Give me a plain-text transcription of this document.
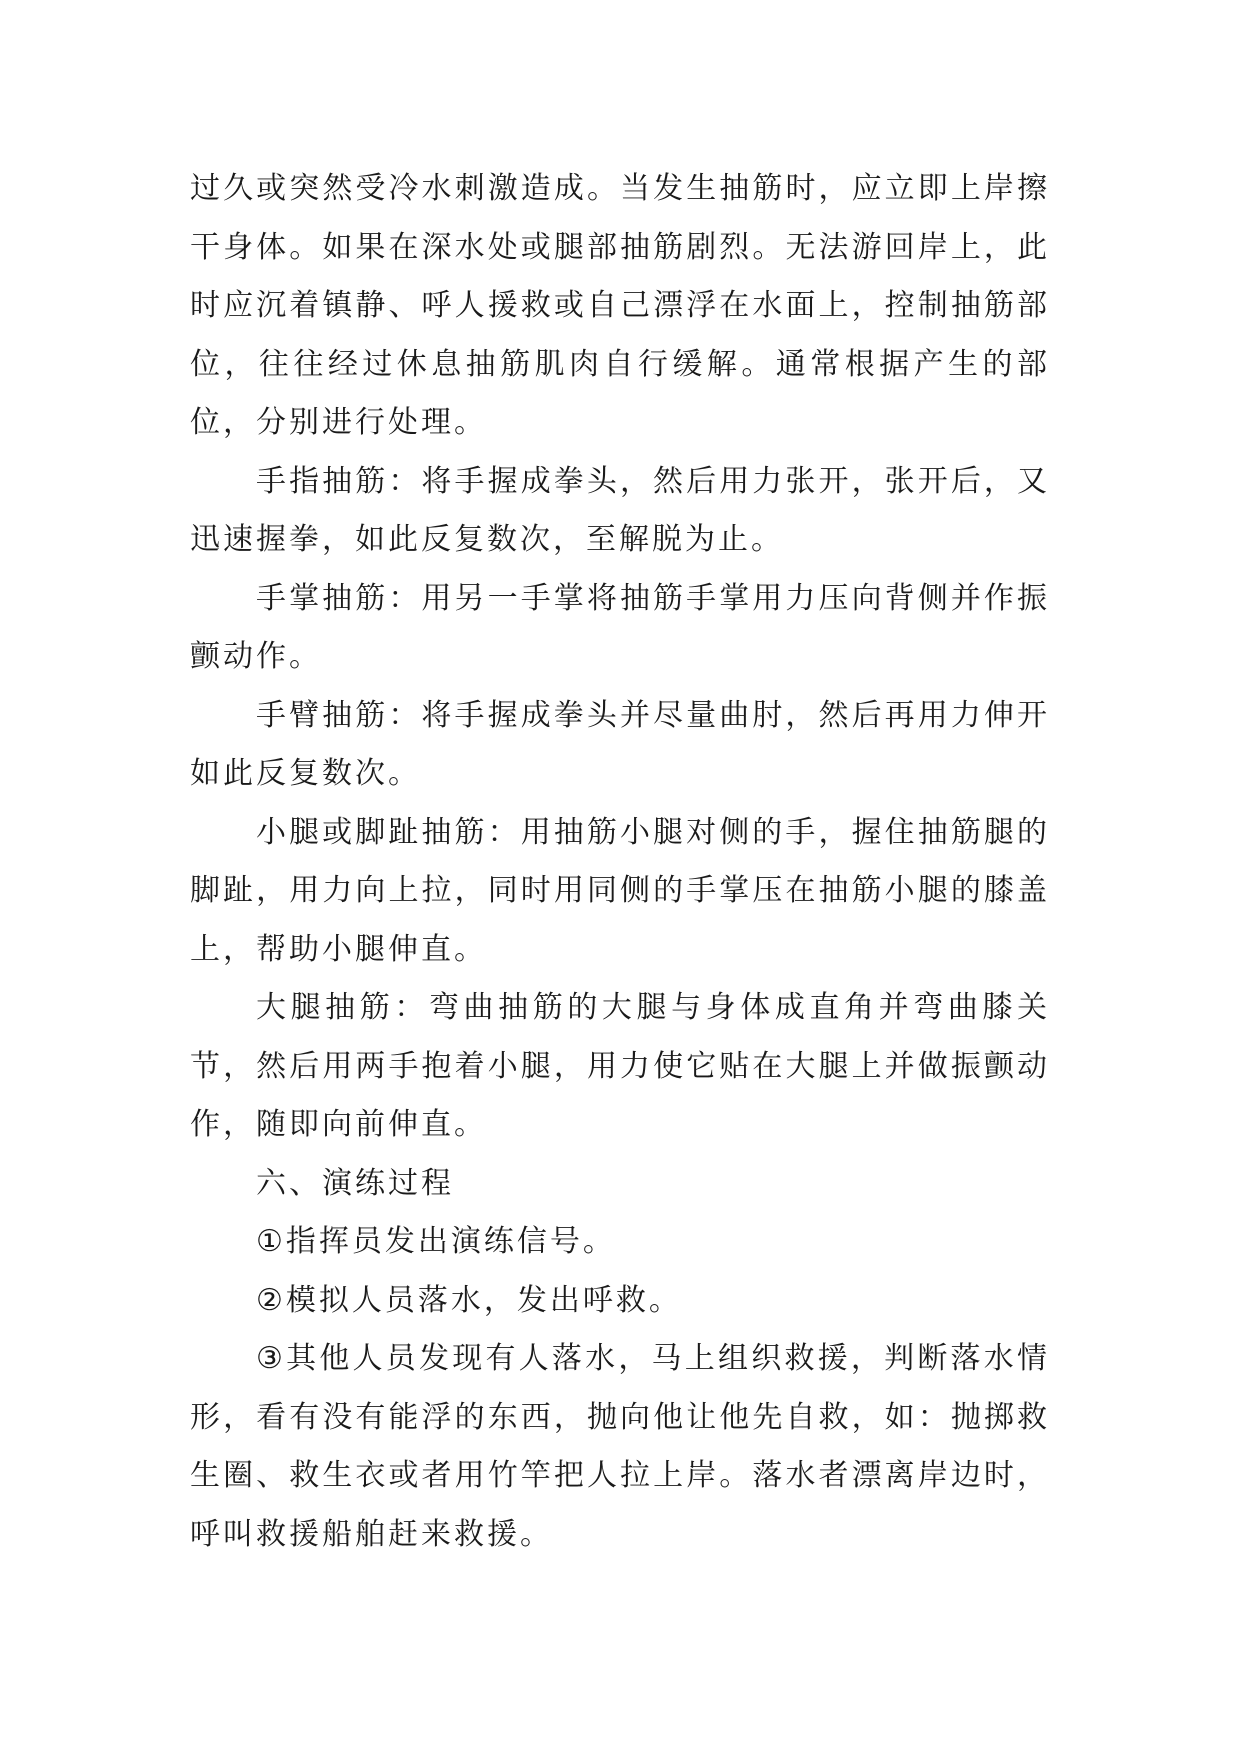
过久或突然受冷水刺激造成。当发生抽筋时，应立即上岸擦干身体。如果在深水处或腿部抽筋剧烈。无法游回岸上，此时应沉着镇静、呼人援救或自己漂浮在水面上，控制抽筋部位，往往经过休息抽筋肌肉自行缓解。通常根据产生的部位，分别进行处理。

手指抽筋：将手握成拳头，然后用力张开，张开后，又迅速握拳，如此反复数次，至解脱为止。

手掌抽筋：用另一手掌将抽筋手掌用力压向背侧并作振颤动作。

手臂抽筋：将手握成拳头并尽量曲肘，然后再用力伸开如此反复数次。

小腿或脚趾抽筋：用抽筋小腿对侧的手，握住抽筋腿的脚趾，用力向上拉，同时用同侧的手掌压在抽筋小腿的膝盖上，帮助小腿伸直。

大腿抽筋：弯曲抽筋的大腿与身体成直角并弯曲膝关节，然后用两手抱着小腿，用力使它贴在大腿上并做振颤动作，随即向前伸直。

六、演练过程

①指挥员发出演练信号。

②模拟人员落水，发出呼救。

③其他人员发现有人落水，马上组织救援，判断落水情形，看有没有能浮的东西，抛向他让他先自救，如：抛掷救生圈、救生衣或者用竹竿把人拉上岸。落水者漂离岸边时，呼叫救援船舶赶来救援。
